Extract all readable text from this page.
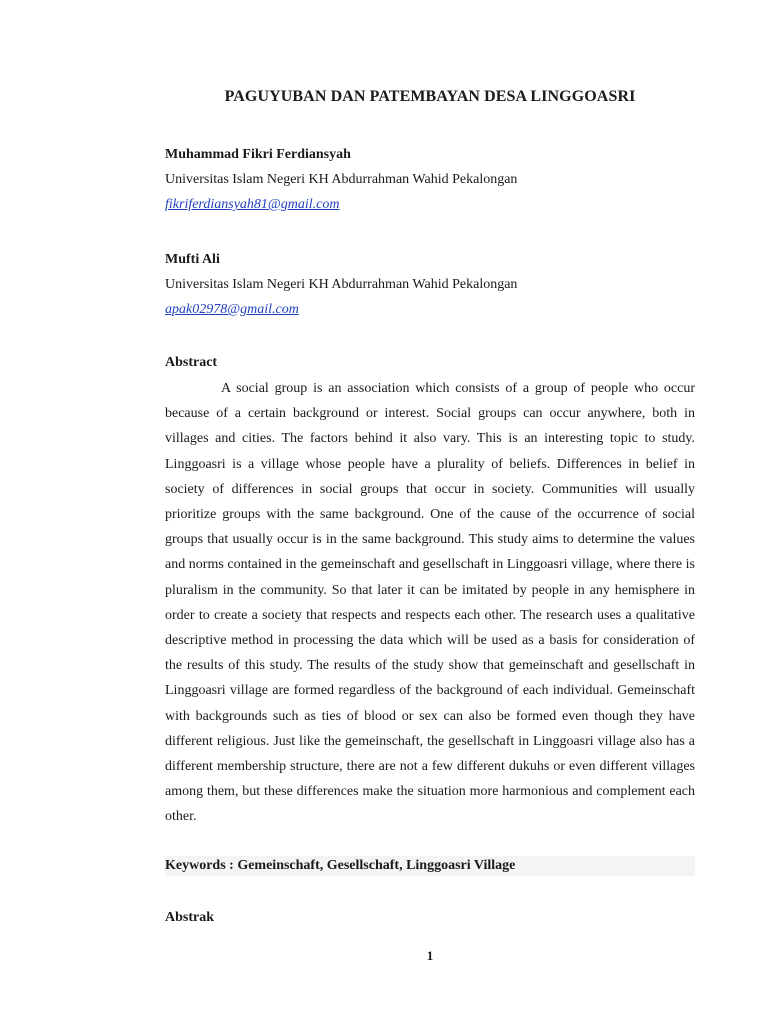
PAGUYUBAN DAN PATEMBAYAN DESA LINGGOASRI
Muhammad Fikri Ferdiansyah
Universitas Islam Negeri KH Abdurrahman Wahid Pekalongan
fikriferdiansyah81@gmail.com
Mufti Ali
Universitas Islam Negeri KH Abdurrahman Wahid Pekalongan
apak02978@gmail.com
Abstract

A social group is an association which consists of a group of people who occur because of a certain background or interest. Social groups can occur anywhere, both in villages and cities. The factors behind it also vary. This is an interesting topic to study. Linggoasri is a village whose people have a plurality of beliefs. Differences in belief in society of differences in social groups that occur in society. Communities will usually prioritize groups with the same background. One of the cause of the occurrence of social groups that usually occur is in the same background. This study aims to determine the values and norms contained in the gemeinschaft and gesellschaft in Linggoasri village, where there is pluralism in the community. So that later it can be imitated by people in any hemisphere in order to create a society that respects and respects each other. The research uses a qualitative descriptive method in processing the data which will be used as a basis for consideration of the results of this study. The results of the study show that gemeinschaft and gesellschaft in Linggoasri village are formed regardless of the background of each individual. Gemeinschaft with backgrounds such as ties of blood or sex can also be formed even though they have different religious. Just like the gemeinschaft, the gesellschaft in Linggoasri village also has a different membership structure, there are not a few different dukuhs or even different villages among them, but these differences make the situation more harmonious and complement each other.

Keywords : Gemeinschaft, Gesellschaft, Linggoasri Village
Abstrak
1
